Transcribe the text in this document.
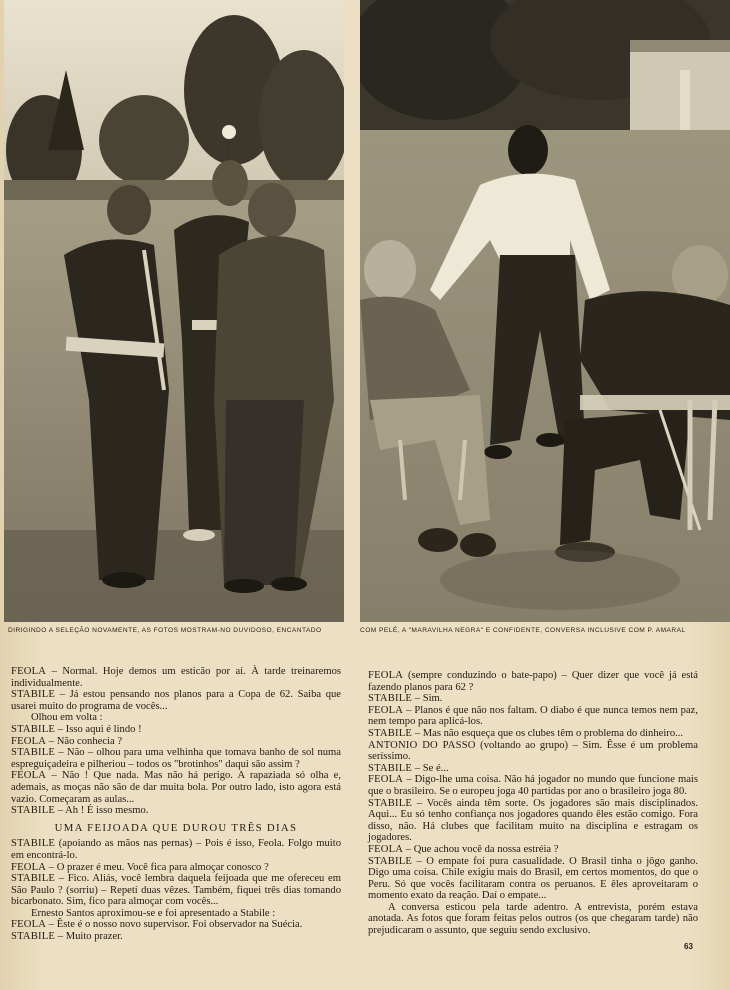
DIRIGINDO A SELEÇÃO NOVAMENTE, AS FOTOS MOSTRAM-NO DUVIDOSO, ENCANTADO	COM PELÉ, A "MARAVILHA NEGRA" E CONFIDENTE, CONVERSA INCLUSIVE COM P. AMARAL

FEOLA – Normal. Hoje demos um esticão por aí. À tarde treinaremos individualmente.

STABILE – Já estou pensando nos planos para a Copa de 62. Saiba que usarei muito do programa de vocês...

Olhou em volta :

STABILE – Isso aqui é lindo !

FEOLA – Não conhecia ?

STABILE – Não – olhou para uma velhinha que tomava banho de sol numa espreguiçadeira e pilheriou – todos os "brotinhos" daqui são assim ?

FEOLA – Não ! Que nada. Mas não há perigo. A rapaziada só olha e, ademais, as moças não são de dar muita bola. Por outro lado, isto agora está vazio. Começaram as aulas...

STABILE – Ah ! É isso mesmo.

UMA FEIJOADA QUE DUROU TRÊS DIAS

STABILE (apoiando as mãos nas pernas) – Pois é isso, Feola. Folgo muito em encontrá-lo.

FEOLA – O prazer é meu. Você fica para almoçar conosco ?

STABILE – Fico. Aliás, você lembra daquela feijoada que me ofereceu em São Paulo ? (sorriu) – Repetí duas vêzes. Também, fiquei três dias tomando bicarbonato. Sim, fico para almoçar com vocês...

Ernesto Santos aproximou-se e foi apresentado a Stabile :

FEOLA – Êste é o nosso novo supervisor. Foi observador na Suécia.

STABILE – Muito prazer.

FEOLA (sempre conduzindo o bate-papo) – Quer dizer que você já está fazendo planos para 62 ?

STABILE – Sim.

FEOLA – Planos é que não nos faltam. O diabo é que nunca temos nem paz, nem tempo para aplicá-los.

STABILE – Mas não esqueça que os clubes têm o problema do dinheiro...

ANTONIO DO PASSO (voltando ao grupo) – Sim. Êsse é um problema seríssimo.

STABILE – Se é...

FEOLA – Digo-lhe uma coisa. Não há jogador no mundo que funcione mais que o brasileiro. Se o europeu joga 40 partidas por ano o brasileiro joga 80.

STABILE – Vocês ainda têm sorte. Os jogadores são mais disciplinados. Aqui... Eu só tenho confiança nos jogadores quando êles estão comigo. Fora disso, não. Há clubes que facilitam muito na disciplina e estragam os jogadores.

FEOLA – Que achou você da nossa estréia ?

STABILE – O empate foi pura casualidade. O Brasil tinha o jôgo ganho. Digo uma coisa. Chile exigiu mais do Brasil, em certos momentos, do que o Peru. Só que vocês facilitaram contra os peruanos. E êles aproveitaram o momento exato da reação. Daí o empate...

A conversa esticou pela tarde adentro. A entrevista, porém estava anotada. As fotos que foram feitas pelos outros (os que chegaram tarde) não prejudicaram o assunto, que seguiu sendo exclusivo.

63
